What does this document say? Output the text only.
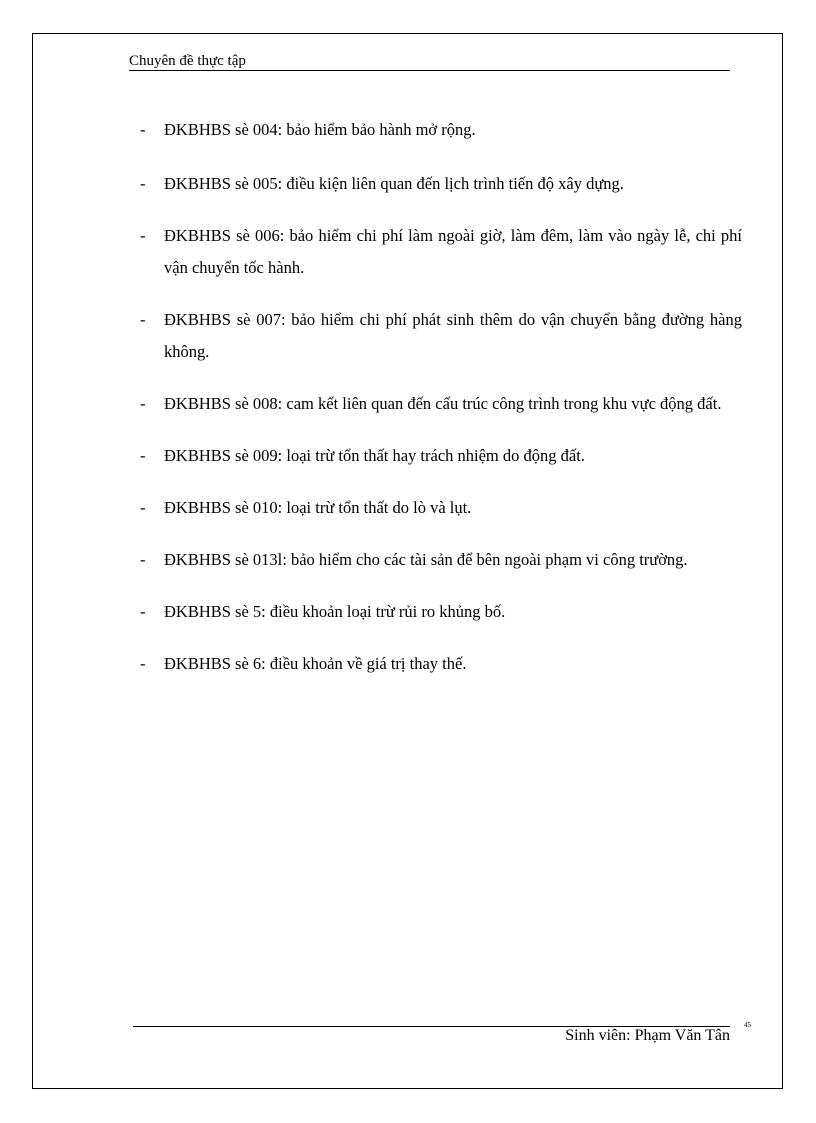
Chuyên đề thực tập
- ĐKBHBS sè 004: bảo hiểm bảo hành mở rộng.
- ĐKBHBS sè 005: điều kiện liên quan đến lịch trình tiến độ xây dựng.
- ĐKBHBS sè 006: bảo hiểm chi phí làm ngoài giờ, làm đêm, làm vào ngày lễ, chi phí vận chuyển tốc hành.
- ĐKBHBS sè 007: bảo hiểm chi phí phát sinh thêm do vận chuyển bằng đường hàng không.
- ĐKBHBS sè 008: cam kết liên quan đến cấu trúc công trình trong khu vực động đất.
- ĐKBHBS sè 009: loại trừ tổn thất hay trách nhiệm do động đất.
- ĐKBHBS sè 010: loại trừ tổn thất do lò và lụt.
- ĐKBHBS sè 013l: bảo hiểm cho các tài sản để bên ngoài phạm vi công trường.
- ĐKBHBS sè 5: điều khoản loại trừ rủi ro khủng bố.
- ĐKBHBS sè 6: điều khoản về giá trị thay thế.
Sinh viên: Phạm Văn Tân
45
